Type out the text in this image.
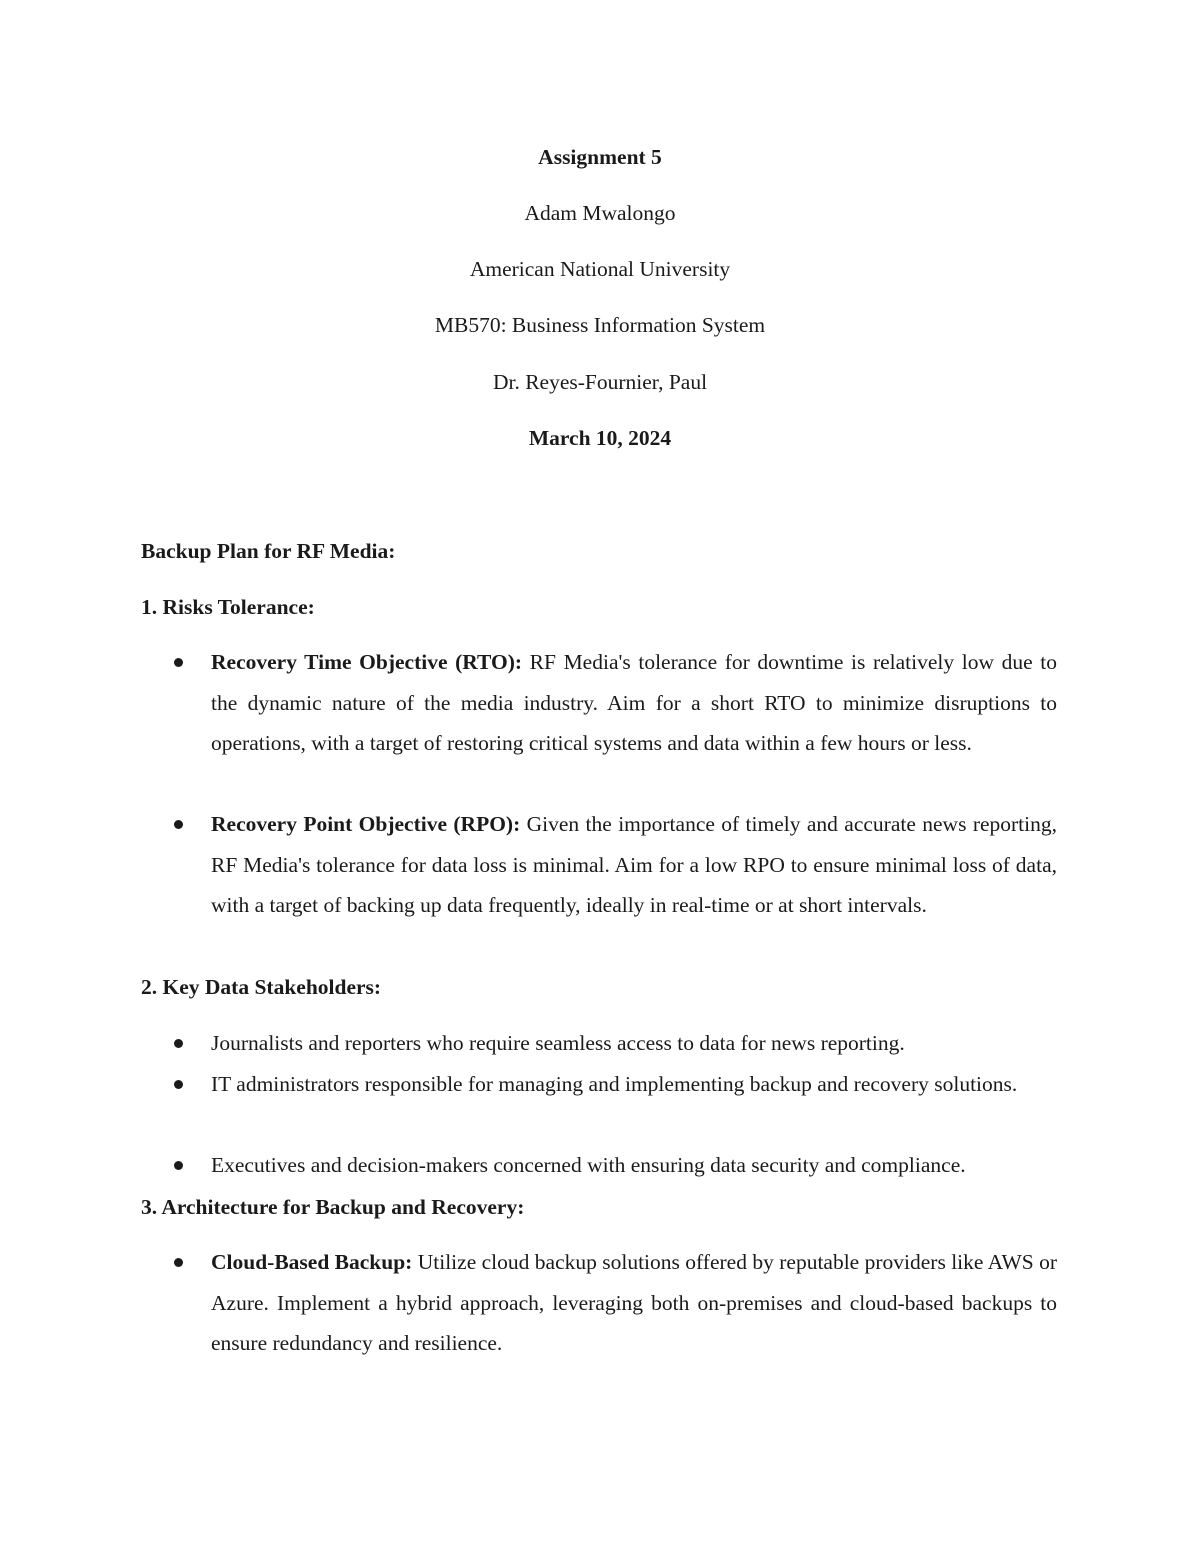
Assignment 5
Adam Mwalongo
American National University
MB570: Business Information System
Dr. Reyes-Fournier, Paul
March 10, 2024
Backup Plan for RF Media:
1. Risks Tolerance:
Recovery Time Objective (RTO): RF Media's tolerance for downtime is relatively low due to the dynamic nature of the media industry. Aim for a short RTO to minimize disruptions to operations, with a target of restoring critical systems and data within a few hours or less.
Recovery Point Objective (RPO): Given the importance of timely and accurate news reporting, RF Media's tolerance for data loss is minimal. Aim for a low RPO to ensure minimal loss of data, with a target of backing up data frequently, ideally in real-time or at short intervals.
2. Key Data Stakeholders:
Journalists and reporters who require seamless access to data for news reporting.
IT administrators responsible for managing and implementing backup and recovery solutions.
Executives and decision-makers concerned with ensuring data security and compliance.
3. Architecture for Backup and Recovery:
Cloud-Based Backup: Utilize cloud backup solutions offered by reputable providers like AWS or Azure. Implement a hybrid approach, leveraging both on-premises and cloud-based backups to ensure redundancy and resilience.
